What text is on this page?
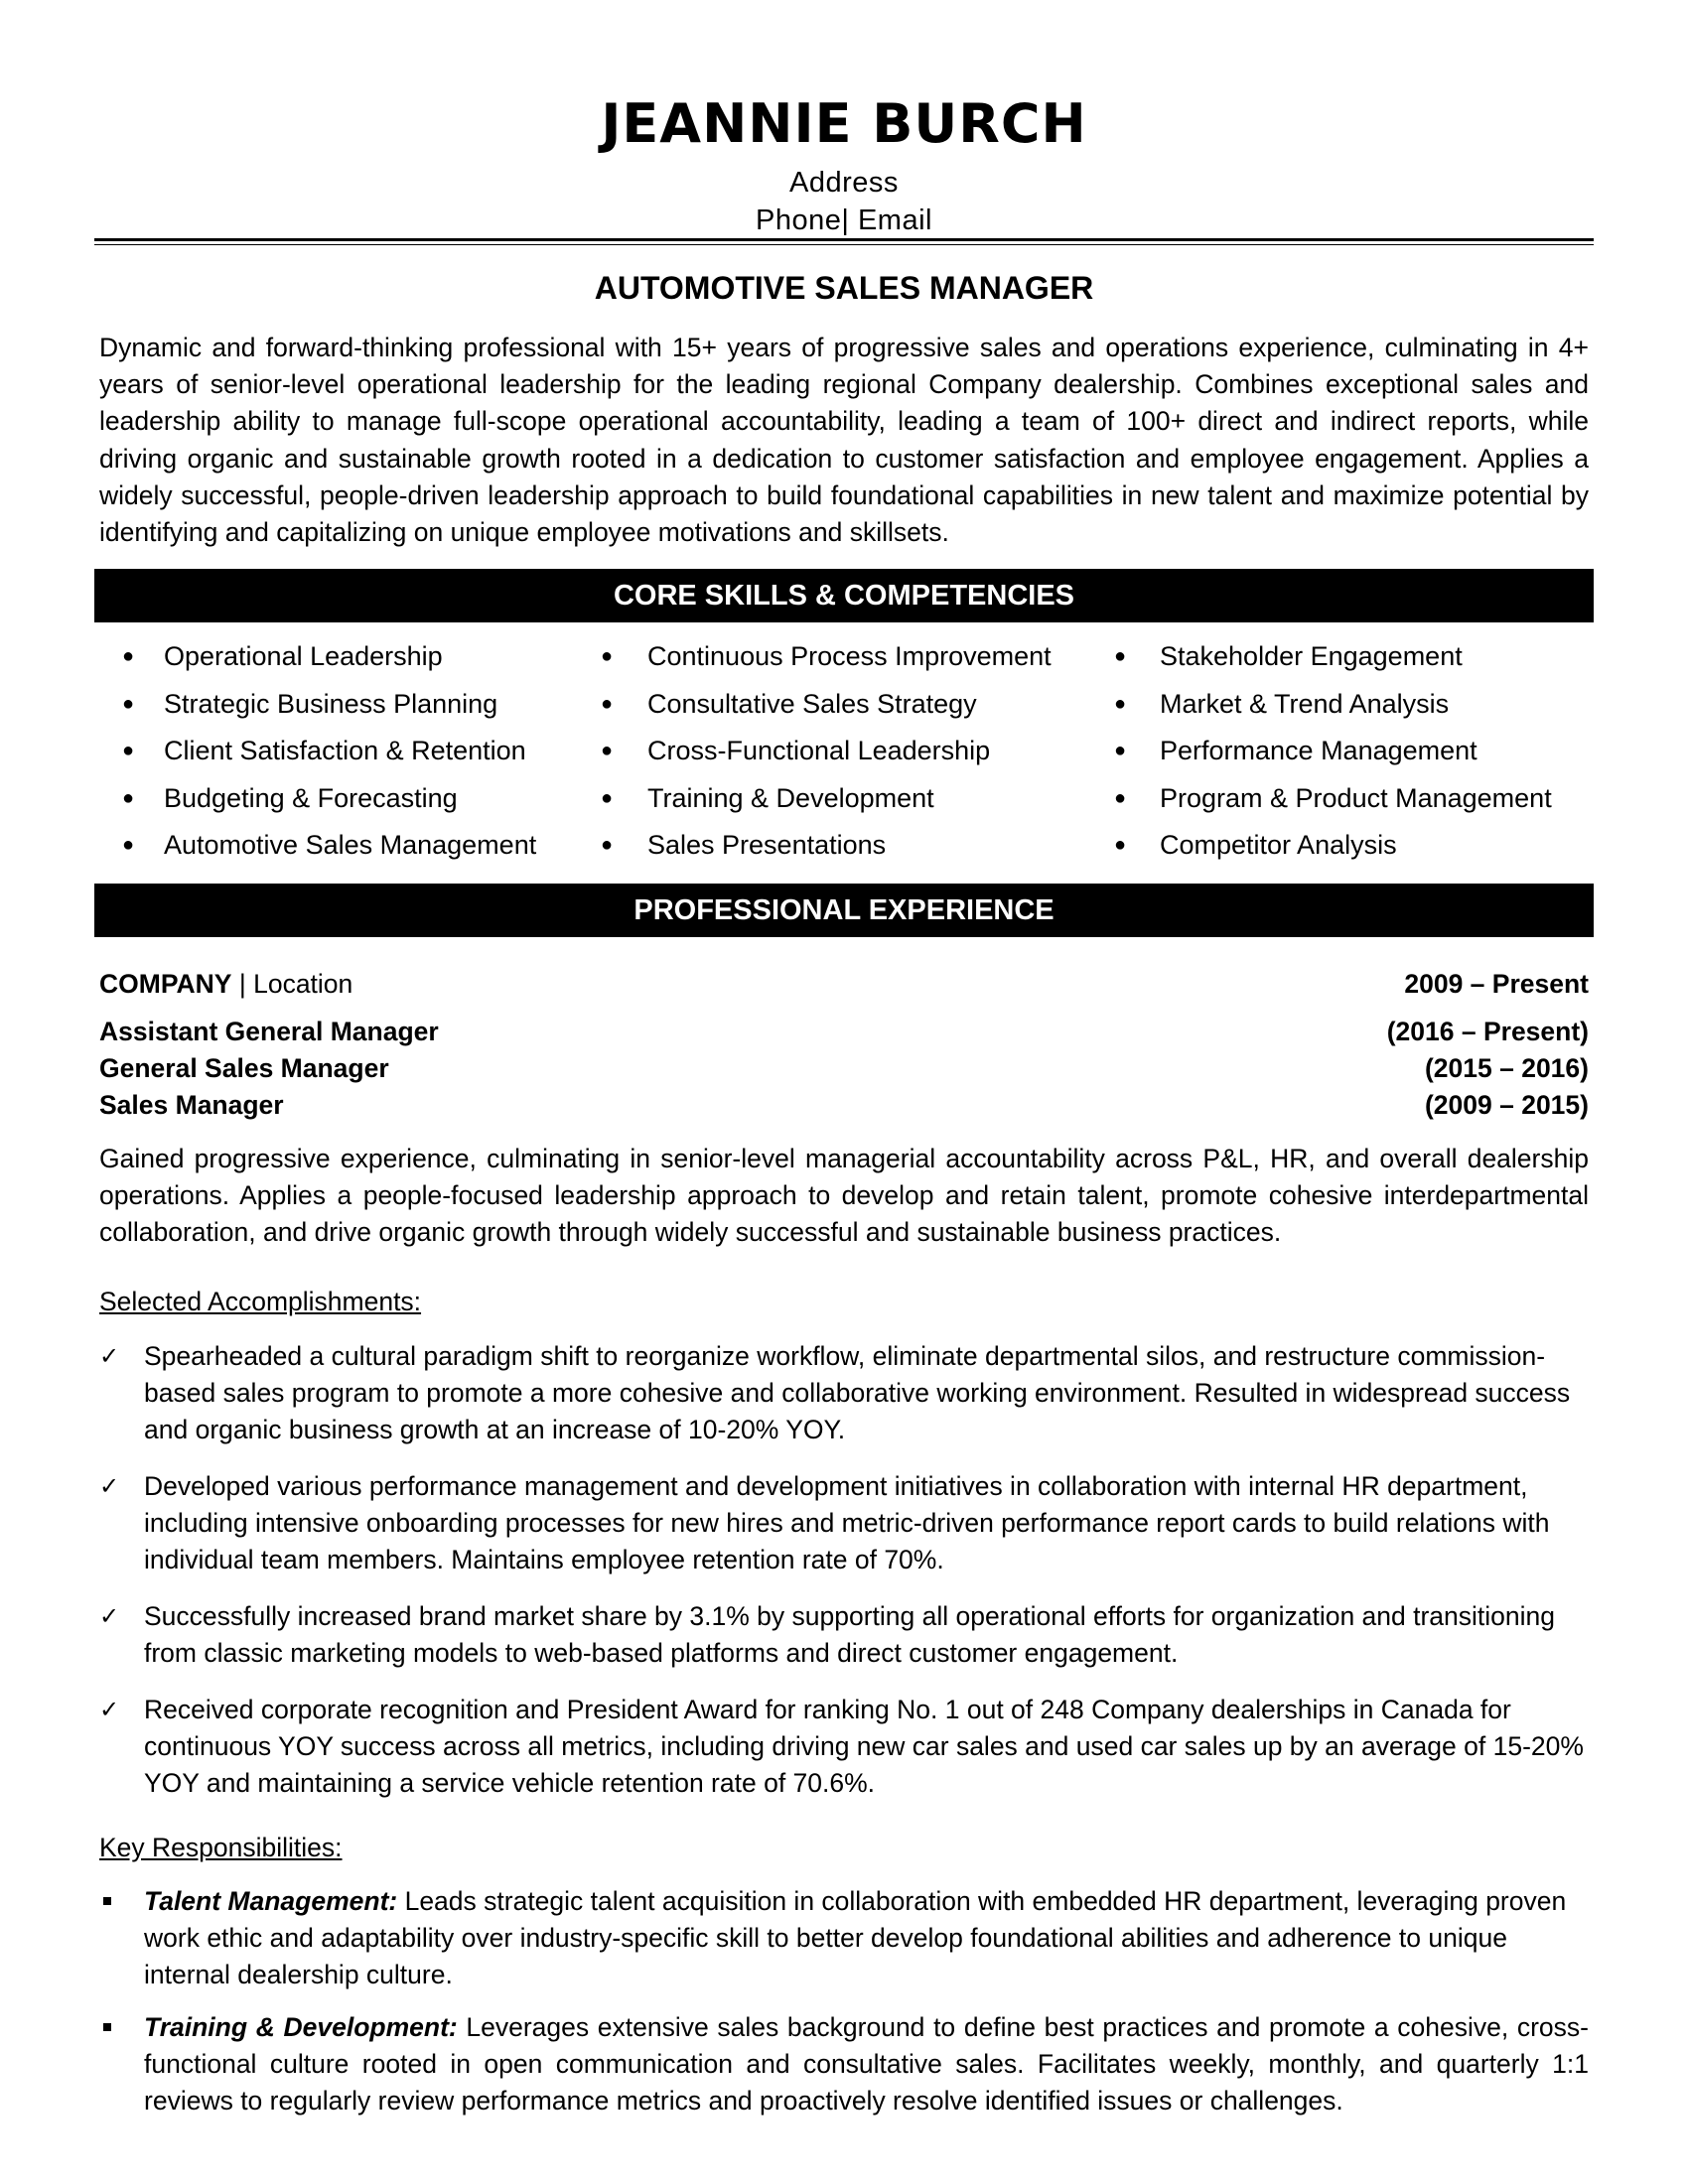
JEANNIE BURCH
Address
Phone| Email
AUTOMOTIVE SALES MANAGER
Dynamic and forward-thinking professional with 15+ years of progressive sales and operations experience, culminating in 4+ years of senior-level operational leadership for the leading regional Company dealership. Combines exceptional sales and leadership ability to manage full-scope operational accountability, leading a team of 100+ direct and indirect reports, while driving organic and sustainable growth rooted in a dedication to customer satisfaction and employee engagement. Applies a widely successful, people-driven leadership approach to build foundational capabilities in new talent and maximize potential by identifying and capitalizing on unique employee motivations and skillsets.
CORE SKILLS & COMPETENCIES
● Operational Leadership
● Strategic Business Planning
● Client Satisfaction & Retention
● Budgeting & Forecasting
● Automotive Sales Management
● Continuous Process Improvement
● Consultative Sales Strategy
● Cross-Functional Leadership
● Training & Development
● Sales Presentations
● Stakeholder Engagement
● Market & Trend Analysis
● Performance Management
● Program & Product Management
● Competitor Analysis
PROFESSIONAL EXPERIENCE
COMPANY | Location	2009 – Present
Assistant General Manager	(2016 – Present)
General Sales Manager	(2015 – 2016)
Sales Manager	(2009 – 2015)
Gained progressive experience, culminating in senior-level managerial accountability across P&L, HR, and overall dealership operations. Applies a people-focused leadership approach to develop and retain talent, promote cohesive interdepartmental collaboration, and drive organic growth through widely successful and sustainable business practices.
Selected Accomplishments:
✓ Spearheaded a cultural paradigm shift to reorganize workflow, eliminate departmental silos, and restructure commission-based sales program to promote a more cohesive and collaborative working environment. Resulted in widespread success and organic business growth at an increase of 10-20% YOY.
✓ Developed various performance management and development initiatives in collaboration with internal HR department, including intensive onboarding processes for new hires and metric-driven performance report cards to build relations with individual team members. Maintains employee retention rate of 70%.
✓ Successfully increased brand market share by 3.1% by supporting all operational efforts for organization and transitioning from classic marketing models to web-based platforms and direct customer engagement.
✓ Received corporate recognition and President Award for ranking No. 1 out of 248 Company dealerships in Canada for continuous YOY success across all metrics, including driving new car sales and used car sales up by an average of 15-20% YOY and maintaining a service vehicle retention rate of 70.6%.
Key Responsibilities:
Talent Management: Leads strategic talent acquisition in collaboration with embedded HR department, leveraging proven work ethic and adaptability over industry-specific skill to better develop foundational abilities and adherence to unique internal dealership culture.
Training & Development: Leverages extensive sales background to define best practices and promote a cohesive, cross-functional culture rooted in open communication and consultative sales. Facilitates weekly, monthly, and quarterly 1:1 reviews to regularly review performance metrics and proactively resolve identified issues or challenges.
